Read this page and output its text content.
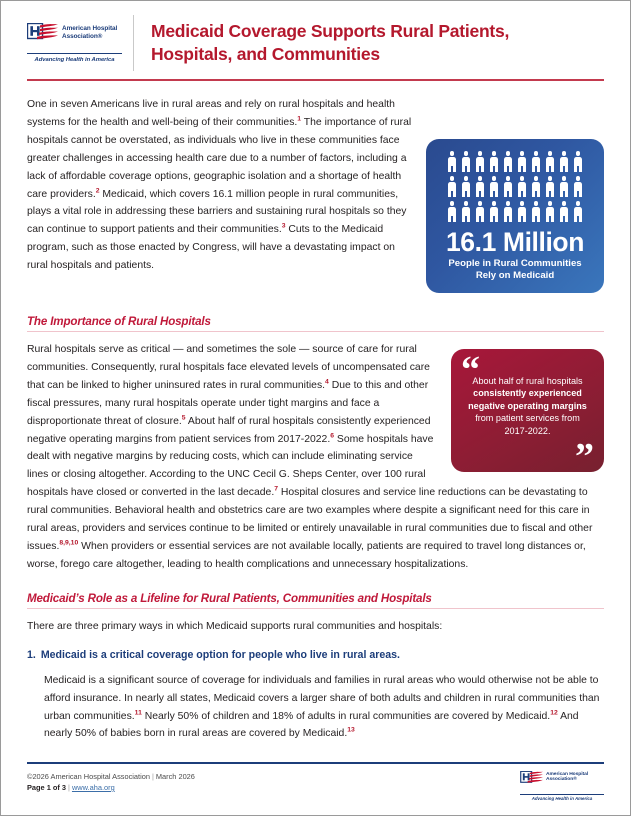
American Hospital
Association®
Advancing Health in America
Medicaid Coverage Supports Rural Patients,
Hospitals, and Communities
16.1 Million
People in Rural Communities
Rely on Medicaid

One in seven Americans live in rural areas and rely on rural hospitals and health systems for the health and well-being of their communities.$^1$ The importance of rural hospitals cannot be overstated, as individuals who live in these communities face greater challenges in accessing health care due to a number of factors, including a lack of affordable coverage options, geographic isolation and a shortage of health care providers.$^2$ Medicaid, which covers 16.1 million people in rural communities, plays a vital role in addressing these barriers and sustaining rural hospitals so they can continue to support patients and their communities.$^3$ Cuts to the Medicaid program, such as those enacted by Congress, will have a devastating impact on rural hospitals and patients.

The Importance of Rural Hospitals
“
About half of rural hospitals consistently experienced negative operating margins from patient services from 2017-2022.
”

Rural hospitals serve as critical — and sometimes the sole — source of care for rural communities. Consequently, rural hospitals face elevated levels of uncompensated care that can be linked to higher uninsured rates in rural communities.$^4$ Due to this and other fiscal pressures, many rural hospitals operate under tight margins and face a disproportionate threat of closure.$^5$ About half of rural hospitals consistently experienced negative operating margins from patient services from 2017-2022.$^6$ Some hospitals have dealt with negative margins by reducing costs, which can include eliminating service lines or closing altogether. According to the UNC Cecil G. Sheps Center, over 100 rural hospitals have closed or converted in the last decade.$^7$ Hospital closures and service line reductions can be devastating to rural communities. Behavioral health and obstetrics care are two examples where despite a significant need for this care in rural areas, providers and services continue to be limited or entirely unavailable in rural communities due to fiscal and other issues.$^{8,9,10}$ When providers or essential services are not available locally, patients are required to travel long distances or, worse, forego care altogether, leading to health complications and unnecessary hospitalizations.

Medicaid’s Role as a Lifeline for Rural Patients, Communities and Hospitals

There are three primary ways in which Medicaid supports rural communities and hospitals:

1. Medicaid is a critical coverage option for people who live in rural areas.

Medicaid is a significant source of coverage for individuals and families in rural areas who would otherwise not be able to afford insurance. In nearly all states, Medicaid covers a larger share of both adults and children in rural communities than urban communities.$^{11}$ Nearly 50% of children and 18% of adults in rural communities are covered by Medicaid.$^{12}$ And nearly 50% of babies born in rural areas are covered by Medicaid.$^{13}$

©2026 American Hospital Association | March 2026
Page 1 of 3 | www.aha.org
American Hospital
Association®
Advancing Health in America
